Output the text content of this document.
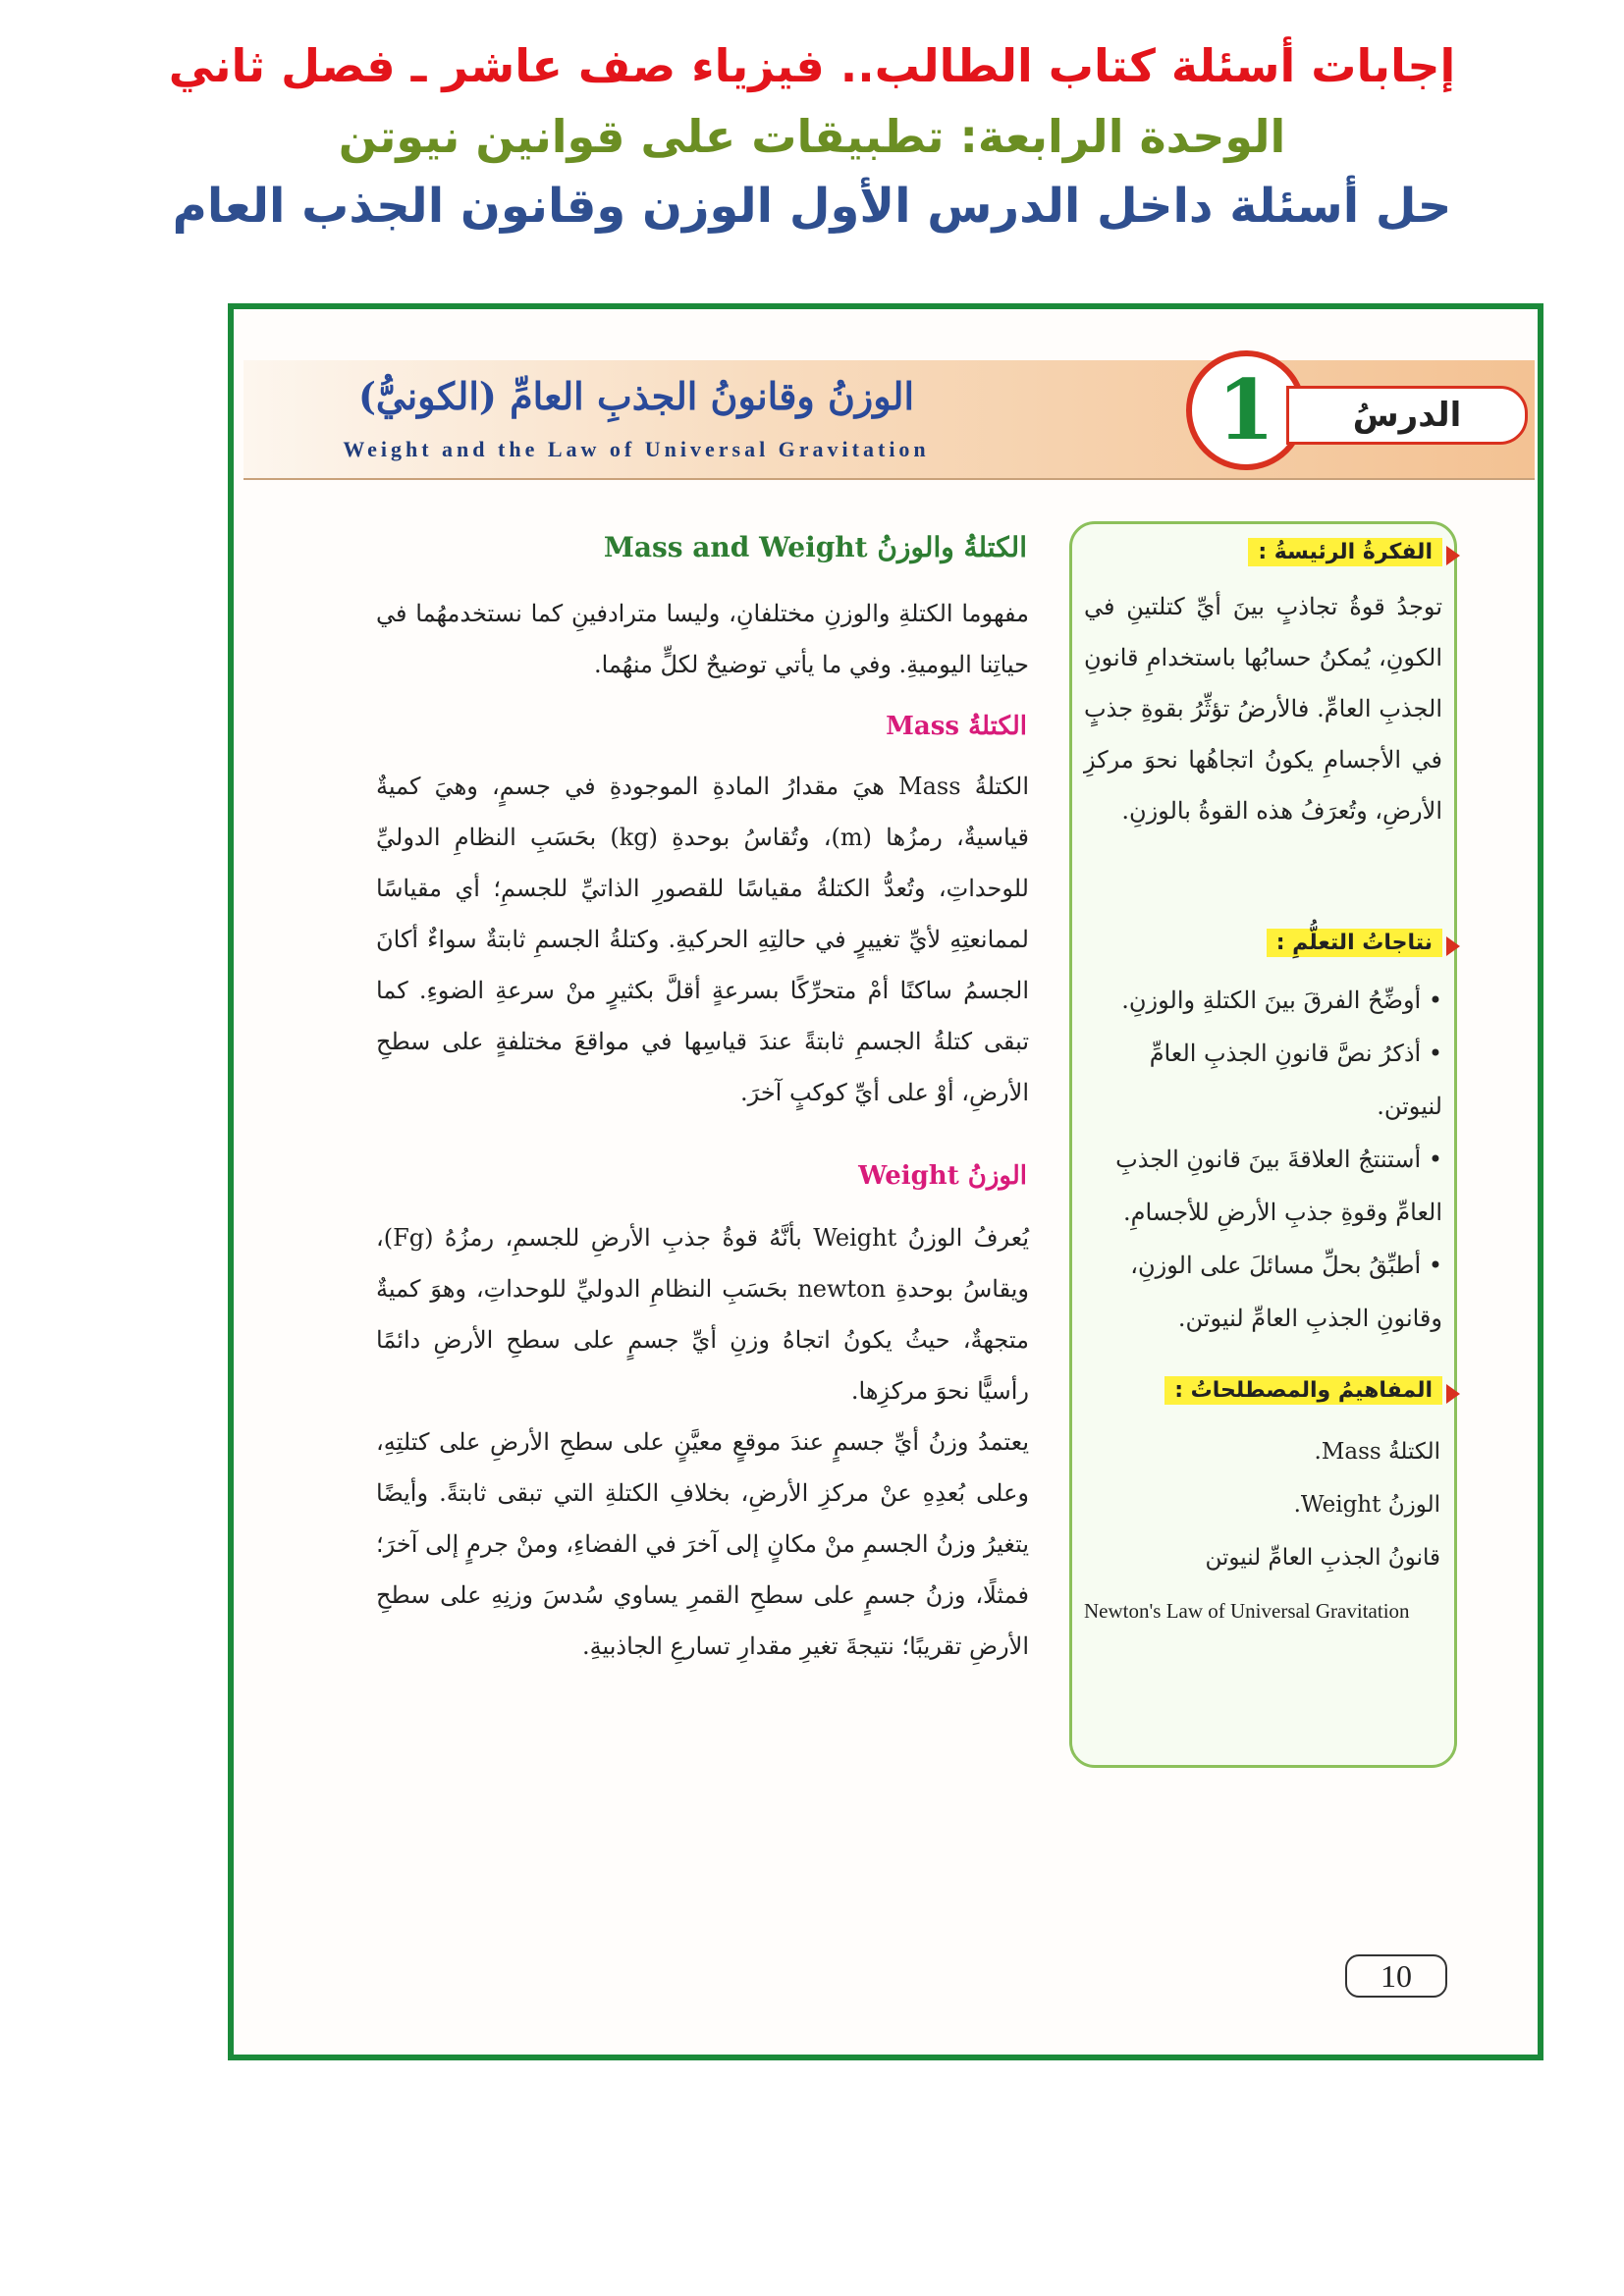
إجابات أسئلة كتاب الطالب.. فيزياء صف عاشر ـ فصل ثاني
الوحدة الرابعة: تطبيقات على قوانين نيوتن
حل أسئلة داخل الدرس الأول الوزن وقانون الجذب العام
الوزنُ وقانونُ الجذبِ العامِّ (الكونيُّ)
Weight and the Law of Universal Gravitation	1	الدرسُ
الفكرةُ الرئيسةُ :
توجدُ قوةُ تجاذبٍ بينَ أيِّ كتلتينِ في الكونِ، يُمكنُ حسابُها باستخدامِ قانونِ الجذبِ العامِّ. فالأرضُ تؤثِّرُ بقوةِ جذبٍ في الأجسامِ يكونُ اتجاهُها نحوَ مركزِ الأرضِ، وتُعرَفُ هذه القوةُ بالوزنِ.
نتاجاتُ التعلُّمِ :
• أوضِّحُ الفرقَ بينَ الكتلةِ والوزنِ.
• أذكرُ نصَّ قانونِ الجذبِ العامِّ لنيوتن.
• أستنتجُ العلاقةَ بينَ قانونِ الجذبِ العامِّ وقوةِ جذبِ الأرضِ للأجسامِ.
• أطبِّقُ بحلِّ مسائلَ على الوزنِ، وقانونِ الجذبِ العامِّ لنيوتن.
المفاهيمُ والمصطلحاتُ :
الكتلةُ Mass.
الوزنُ Weight.
قانونُ الجذبِ العامِّ لنيوتن
Newton's Law of Universal Gravitation
الكتلةُ والوزنُ Mass and Weight
مفهوما الكتلةِ والوزنِ مختلفانِ، وليسا مترادفينِ كما نستخدمهُما في حياتِنا اليوميةِ. وفي ما يأتي توضيحٌ لكلٍّ منهُما.
الكتلةُ Mass
الكتلةُ Mass هيَ مقدارُ المادةِ الموجودةِ في جسمٍ، وهيَ كميةٌ قياسيةٌ، رمزُها (m)، وتُقاسُ بوحدةِ (kg) بحَسَبِ النظامِ الدوليِّ للوحداتِ، وتُعدُّ الكتلةُ مقياسًا للقصورِ الذاتيِّ للجسمِ؛ أي مقياسًا لممانعتِهِ لأيِّ تغييرٍ في حالتِهِ الحركيةِ. وكتلةُ الجسمِ ثابتةٌ سواءٌ أكانَ الجسمُ ساكنًا أمْ متحرِّكًا بسرعةٍ أقلَّ بكثيرٍ منْ سرعةِ الضوءِ. كما تبقى كتلةُ الجسمِ ثابتةً عندَ قياسِها في مواقعَ مختلفةٍ على سطحِ الأرضِ، أوْ على أيِّ كوكبٍ آخرَ.
الوزنُ Weight
يُعرفُ الوزنُ Weight بأنَّهُ قوةُ جذبِ الأرضِ للجسمِ، رمزُهُ (Fg)، ويقاسُ بوحدةِ newton بحَسَبِ النظامِ الدوليِّ للوحداتِ، وهوَ كميةٌ متجهةٌ، حيثُ يكونُ اتجاهُ وزنِ أيِّ جسمٍ على سطحِ الأرضِ دائمًا رأسيًّا نحوَ مركزِها.
يعتمدُ وزنُ أيِّ جسمٍ عندَ موقعٍ معيَّنٍ على سطحِ الأرضِ على كتلتِهِ، وعلى بُعدِهِ عنْ مركزِ الأرضِ، بخلافِ الكتلةِ التي تبقى ثابتةً. وأيضًا يتغيرُ وزنُ الجسمِ منْ مكانٍ إلى آخرَ في الفضاءِ، ومنْ جرمٍ إلى آخرَ؛ فمثلًا، وزنُ جسمٍ على سطحِ القمرِ يساوي سُدسَ وزنِهِ على سطحِ الأرضِ تقريبًا؛ نتيجةَ تغيرِ مقدارِ تسارعِ الجاذبيةِ.
10
